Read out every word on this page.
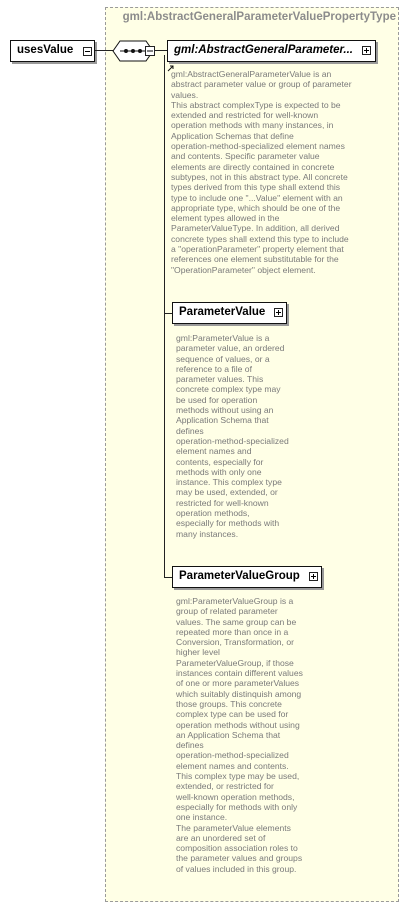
gml:AbstractGeneralParameterValuePropertyType
usesValue	gml:AbstractGeneralParameter...
gml:AbstractGeneralParameterValue is an
abstract parameter value or group of parameter
values.
This abstract complexType is expected to be
extended and restricted for well-known
operation methods with many instances, in
Application Schemas that define
operation-method-specialized element names
and contents. Specific parameter value
elements are directly contained in concrete
subtypes, not in this abstract type. All concrete
types derived from this type shall extend this
type to include one "...Value" element with an
appropriate type, which should be one of the
element types allowed in the
ParameterValueType. In addition, all derived
concrete types shall extend this type to include
a "operationParameter" property element that
references one element substitutable for the
"OperationParameter" object element.
ParameterValue
gml:ParameterValue is a
parameter value, an ordered
sequence of values, or a
reference to a file of
parameter values. This
concrete complex type may
be used for operation
methods without using an
Application Schema that
defines
operation-method-specialized
element names and
contents, especially for
methods with only one
instance. This complex type
may be used, extended, or
restricted for well-known
operation methods,
especially for methods with
many instances.
ParameterValueGroup
gml:ParameterValueGroup is a
group of related parameter
values. The same group can be
repeated more than once in a
Conversion, Transformation, or
higher level
ParameterValueGroup, if those
instances contain different values
of one or more parameterValues
which suitably distinquish among
those groups. This concrete
complex type can be used for
operation methods without using
an Application Schema that
defines
operation-method-specialized
element names and contents.
This complex type may be used,
extended, or restricted for
well-known operation methods,
especially for methods with only
one instance.
The parameterValue elements
are an unordered set of
composition association roles to
the parameter values and groups
of values included in this group.
